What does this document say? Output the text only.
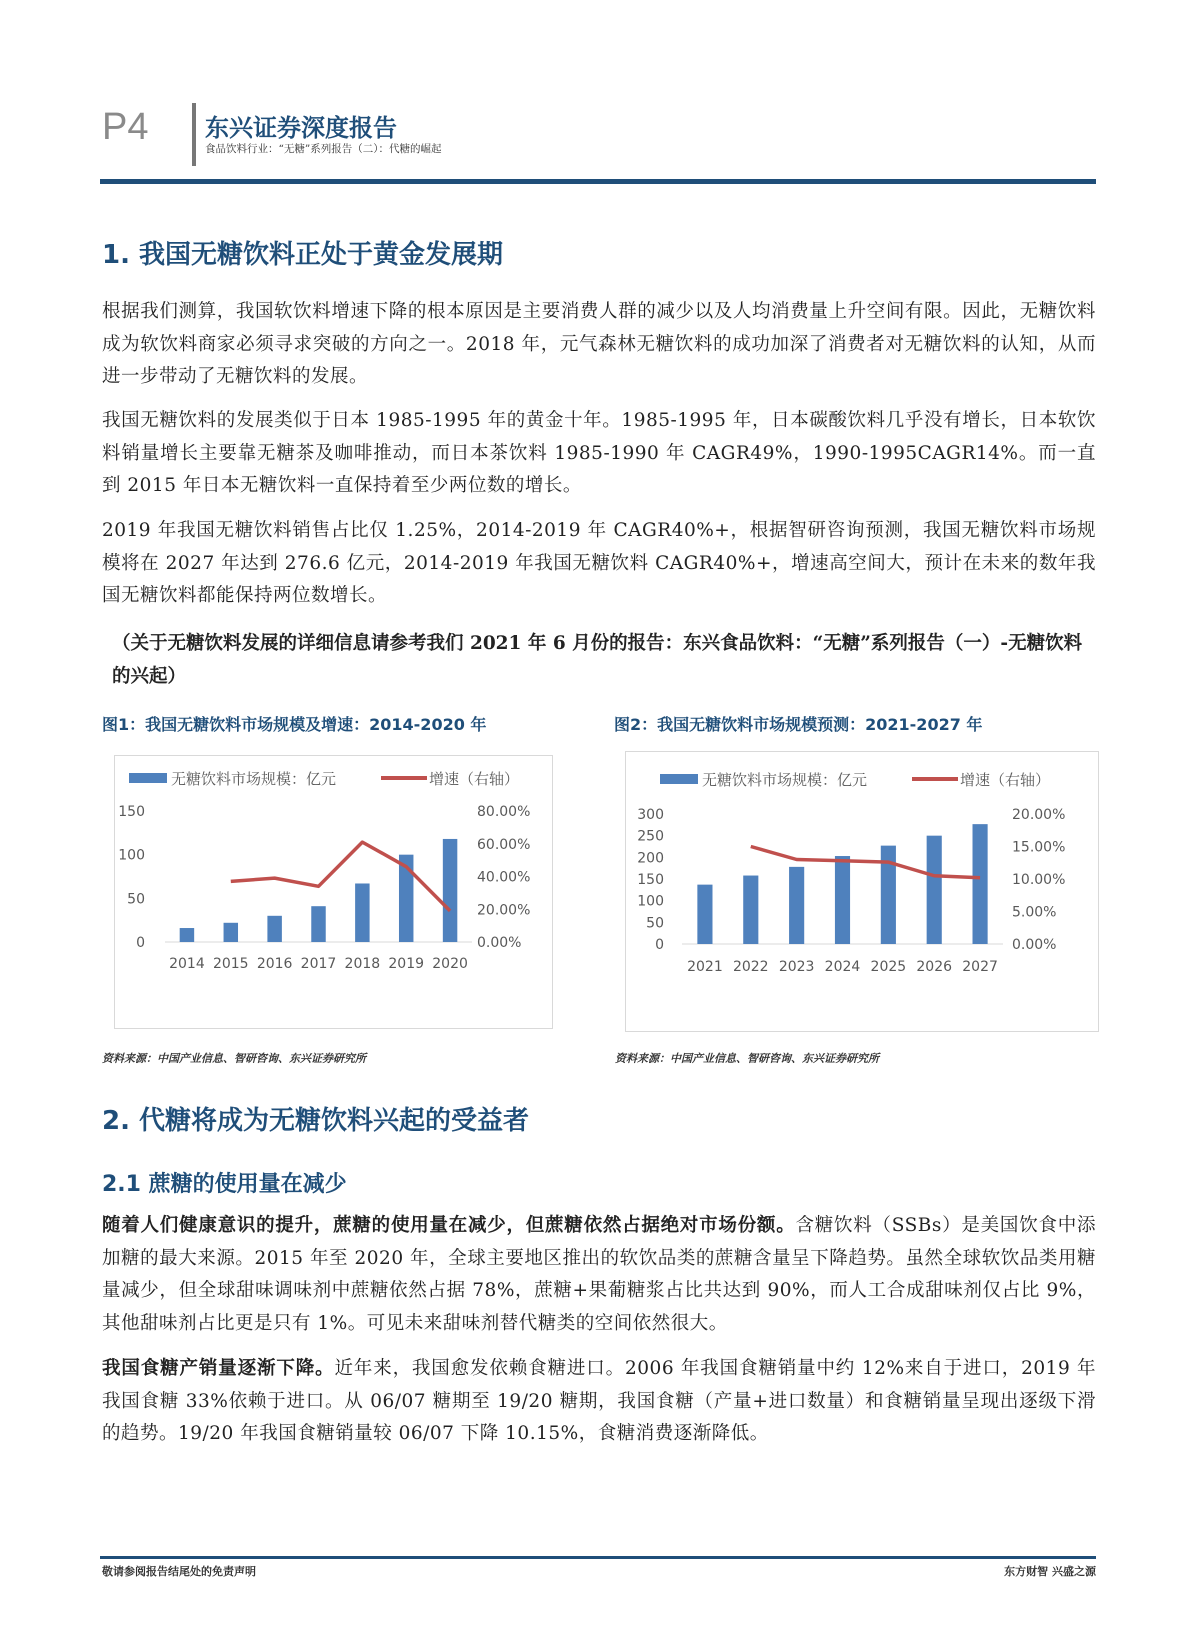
P4 东兴证券深度报告
食品饮料行业：“无糖”系列报告（二）：代糖的崛起
1. 我国无糖饮料正处于黄金发展期

根据我们测算，我国软饮料增速下降的根本原因是主要消费人群的减少以及人均消费量上升空间有限。因此，无糖饮料成为软饮料商家必须寻求突破的方向之一。2018 年，元气森林无糖饮料的成功加深了消费者对无糖饮料的认知，从而进一步带动了无糖饮料的发展。

我国无糖饮料的发展类似于日本 1985-1995 年的黄金十年。1985-1995 年，日本碳酸饮料几乎没有增长，日本软饮料销量增长主要靠无糖茶及咖啡推动，而日本茶饮料 1985-1990 年 CAGR49%，1990-1995CAGR14%。而一直到 2015 年日本无糖饮料一直保持着至少两位数的增长。

2019 年我国无糖饮料销售占比仅 1.25%，2014-2019 年 CAGR40%+，根据智研咨询预测，我国无糖饮料市场规模将在 2027 年达到 276.6 亿元，2014-2019 年我国无糖饮料 CAGR40%+，增速高空间大，预计在未来的数年我国无糖饮料都能保持两位数增长。

（关于无糖饮料发展的详细信息请参考我们 2021 年 6 月份的报告：东兴食品饮料：“无糖”系列报告（一）-无糖饮料的兴起）

图1：我国无糖饮料市场规模及增速：2014-2020 年	图2：我国无糖饮料市场规模预测：2021-2027 年
无糖饮料市场规模：亿元	增速（右轴）
0
50
100
150
0.00%
20.00%
40.00%
60.00%
80.00%
2014 2015 2016 2017 2018 2019 2020
无糖饮料市场规模：亿元	增速（右轴）
0
50
100
150
200
250
300
0.00%
5.00%
10.00%
15.00%
20.00%
2021 2022 2023 2024 2025 2026 2027
资料来源：中国产业信息、智研咨询、东兴证券研究所	资料来源：中国产业信息、智研咨询、东兴证券研究所
2. 代糖将成为无糖饮料兴起的受益者
2.1 蔗糖的使用量在减少

随着人们健康意识的提升，蔗糖的使用量在减少，但蔗糖依然占据绝对市场份额。含糖饮料（SSBs）是美国饮食中添加糖的最大来源。2015 年至 2020 年，全球主要地区推出的软饮品类的蔗糖含量呈下降趋势。虽然全球软饮品类用糖量减少，但全球甜味调味剂中蔗糖依然占据 78%，蔗糖+果葡糖浆占比共达到 90%，而人工合成甜味剂仅占比 9%，其他甜味剂占比更是只有 1%。可见未来甜味剂替代糖类的空间依然很大。

我国食糖产销量逐渐下降。近年来，我国愈发依赖食糖进口。2006 年我国食糖销量中约 12%来自于进口，2019 年我国食糖 33%依赖于进口。从 06/07 糖期至 19/20 糖期，我国食糖（产量+进口数量）和食糖销量呈现出逐级下滑的趋势。19/20 年我国食糖销量较 06/07 下降 10.15%，食糖消费逐渐降低。

敬请参阅报告结尾处的免责声明	东方财智 兴盛之源
